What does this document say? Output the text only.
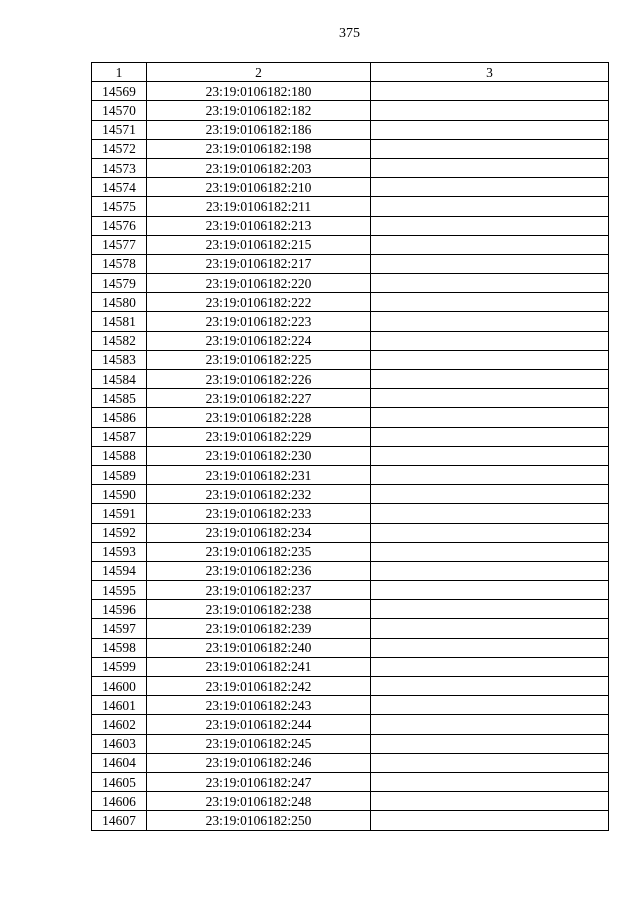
375
1	2	3
14569	23:19:0106182:180	
14570	23:19:0106182:182	
14571	23:19:0106182:186	
14572	23:19:0106182:198	
14573	23:19:0106182:203	
14574	23:19:0106182:210	
14575	23:19:0106182:211	
14576	23:19:0106182:213	
14577	23:19:0106182:215	
14578	23:19:0106182:217	
14579	23:19:0106182:220	
14580	23:19:0106182:222	
14581	23:19:0106182:223	
14582	23:19:0106182:224	
14583	23:19:0106182:225	
14584	23:19:0106182:226	
14585	23:19:0106182:227	
14586	23:19:0106182:228	
14587	23:19:0106182:229	
14588	23:19:0106182:230	
14589	23:19:0106182:231	
14590	23:19:0106182:232	
14591	23:19:0106182:233	
14592	23:19:0106182:234	
14593	23:19:0106182:235	
14594	23:19:0106182:236	
14595	23:19:0106182:237	
14596	23:19:0106182:238	
14597	23:19:0106182:239	
14598	23:19:0106182:240	
14599	23:19:0106182:241	
14600	23:19:0106182:242	
14601	23:19:0106182:243	
14602	23:19:0106182:244	
14603	23:19:0106182:245	
14604	23:19:0106182:246	
14605	23:19:0106182:247	
14606	23:19:0106182:248	
14607	23:19:0106182:250	
